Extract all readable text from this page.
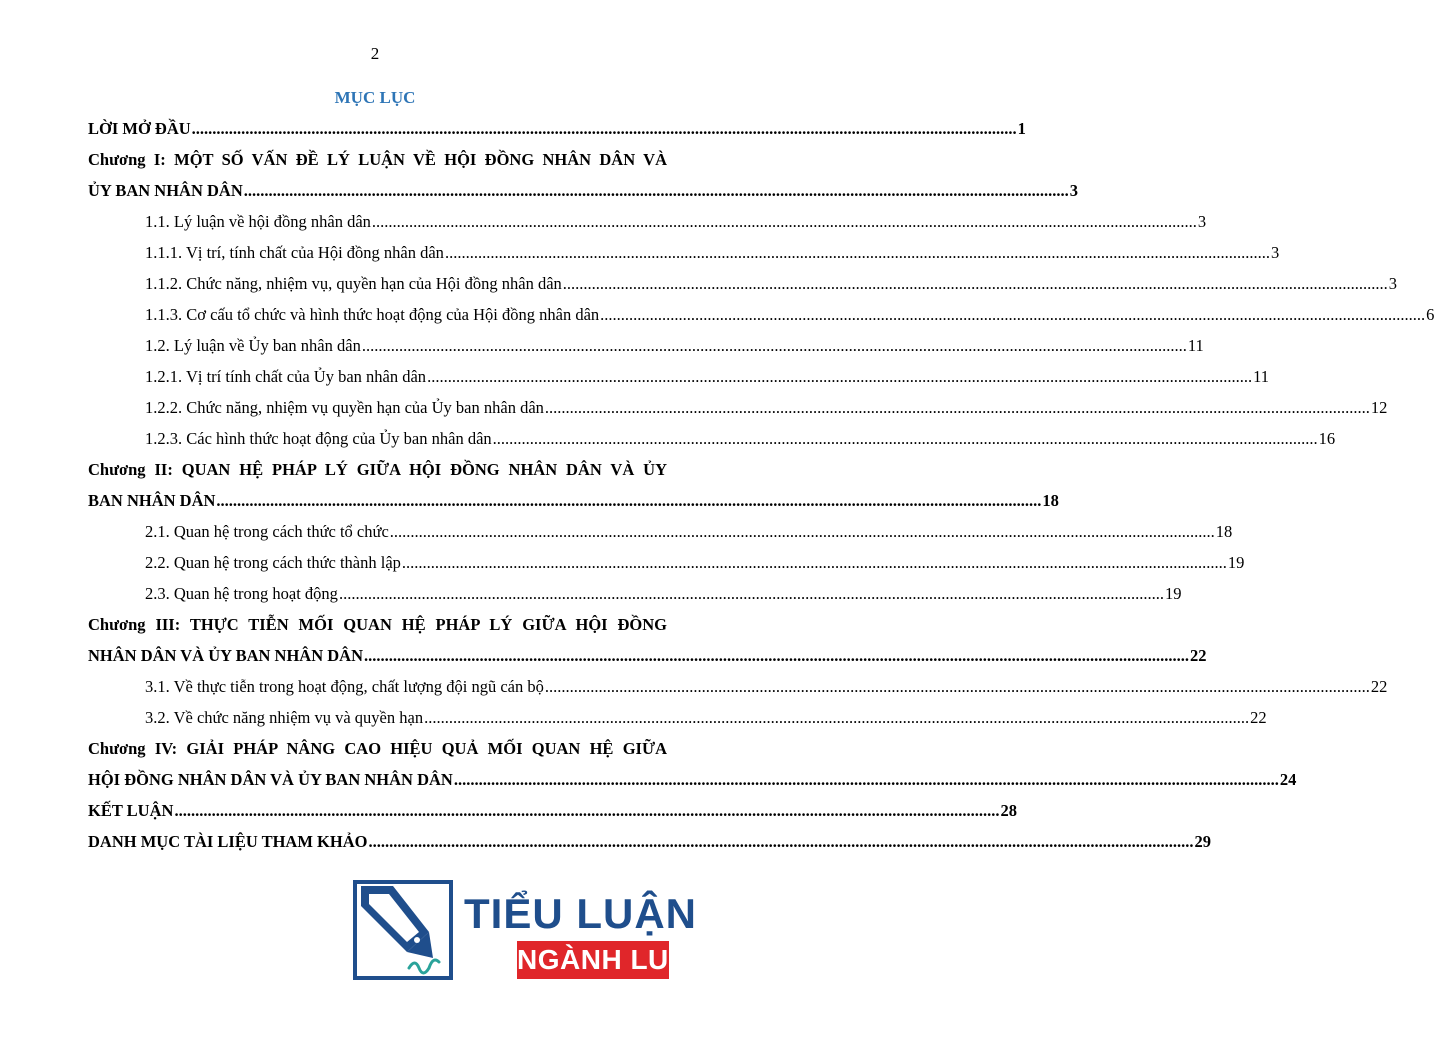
2
MỤC LỤC
LỜI MỞ ĐẦU ........................................................................................................................................................................................................ 1
Chương I: MỘT SỐ VẤN ĐỀ LÝ LUẬN VỀ HỘI ĐỒNG NHÂN DÂN VÀ
ỦY BAN NHÂN DÂN ........................................................................................................................................................................................................ 3
1.1. Lý luận về hội đồng nhân dân ........................................................................................................................................................................................................ 3
1.1.1. Vị trí, tính chất của Hội đồng nhân dân ........................................................................................................................................................................................................ 3
1.1.2. Chức năng, nhiệm vụ, quyền hạn của Hội đồng nhân dân ........................................................................................................................................................................................................ 3
1.1.3. Cơ cấu tổ chức và hình thức hoạt động của Hội đồng nhân dân ........................................................................................................................................................................................................ 6
1.2. Lý luận về Ủy ban nhân dân ........................................................................................................................................................................................................ 11
1.2.1. Vị trí tính chất của Ủy ban nhân dân ........................................................................................................................................................................................................ 11
1.2.2. Chức năng, nhiệm vụ quyền hạn của Ủy ban nhân dân ........................................................................................................................................................................................................ 12
1.2.3. Các hình thức hoạt động của Ủy ban nhân dân ........................................................................................................................................................................................................ 16
Chương II: QUAN HỆ PHÁP LÝ GIỮA HỘI ĐỒNG NHÂN DÂN VÀ ỦY
BAN NHÂN DÂN ........................................................................................................................................................................................................ 18
2.1. Quan hệ trong cách thức tổ chức ........................................................................................................................................................................................................ 18
2.2. Quan hệ trong cách thức thành lập ........................................................................................................................................................................................................ 19
2.3. Quan hệ trong hoạt động ........................................................................................................................................................................................................ 19
Chương III: THỰC TIỄN MỐI QUAN HỆ PHÁP LÝ GIỮA HỘI ĐỒNG
NHÂN DÂN VÀ ỦY BAN NHÂN DÂN ........................................................................................................................................................................................................ 22
3.1. Về thực tiễn trong hoạt động, chất lượng đội ngũ cán bộ ........................................................................................................................................................................................................ 22
3.2. Về chức năng nhiệm vụ và quyền hạn ........................................................................................................................................................................................................ 22
Chương IV: GIẢI PHÁP NÂNG CAO HIỆU QUẢ MỐI QUAN HỆ GIỮA
HỘI ĐỒNG NHÂN DÂN VÀ ỦY BAN NHÂN DÂN ........................................................................................................................................................................................................ 24
KẾT LUẬN ........................................................................................................................................................................................................ 28
DANH MỤC TÀI LIỆU THAM KHẢO ........................................................................................................................................................................................................ 29
TIỂU LUẬN
NGÀNH LUẬT
